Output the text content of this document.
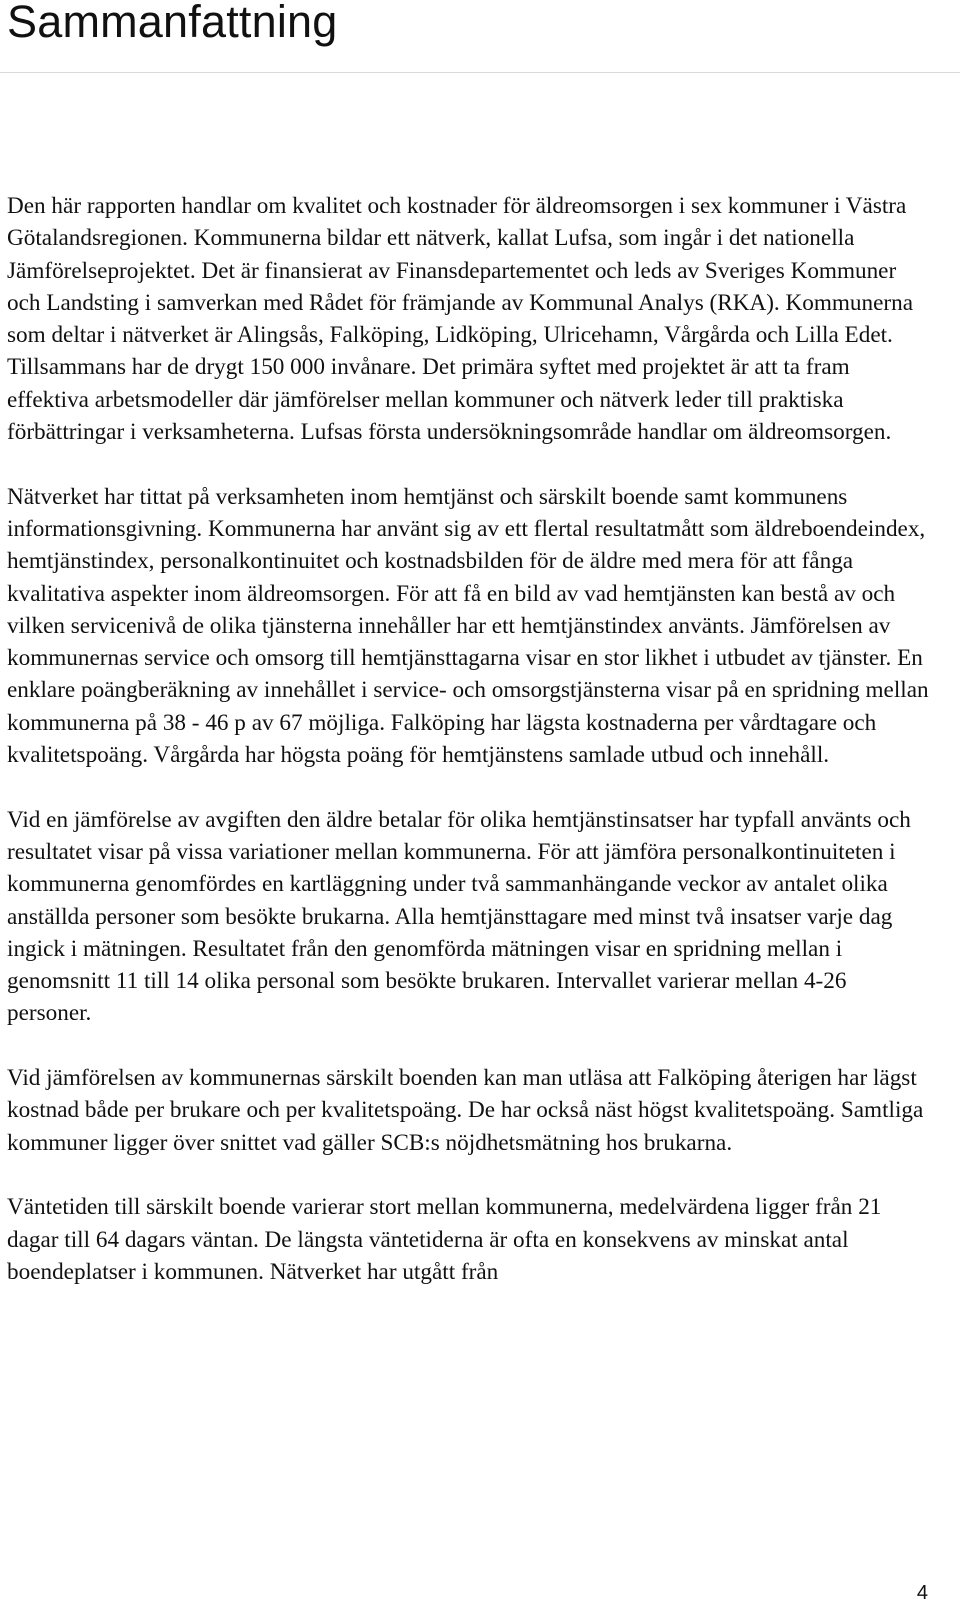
Sammanfattning

Den här rapporten handlar om kvalitet och kostnader för äldreomsorgen i sex kommuner i Västra Götalandsregionen. Kommunerna bildar ett nätverk, kallat Lufsa, som ingår i det nationella Jämförelseprojektet. Det är finansierat av Finansdepartementet och leds av Sveriges Kommuner och Landsting i samverkan med Rådet för främjande av Kommunal Analys (RKA). Kommunerna som deltar i nätverket är Alingsås, Falköping, Lidköping, Ulricehamn, Vårgårda och Lilla Edet. Tillsammans har de drygt 150 000 invånare. Det primära syftet med projektet är att ta fram effektiva arbetsmodeller där jämförelser mellan kommuner och nätverk leder till praktiska förbättringar i verksamheterna. Lufsas första undersökningsområde handlar om äldreomsorgen.

Nätverket har tittat på verksamheten inom hemtjänst och särskilt boende samt kommunens informationsgivning. Kommunerna har använt sig av ett flertal resultatmått som äldreboendeindex, hemtjänstindex, personalkontinuitet och kostnadsbilden för de äldre med mera för att fånga kvalitativa aspekter inom äldreomsorgen. För att få en bild av vad hemtjänsten kan bestå av och vilken servicenivå de olika tjänsterna innehåller har ett hemtjänstindex använts. Jämförelsen av kommunernas service och omsorg till hemtjänsttagarna visar en stor likhet i utbudet av tjänster. En enklare poängberäkning av innehållet i service- och omsorgstjänsterna visar på en spridning mellan kommunerna på 38 - 46 p av 67 möjliga. Falköping har lägsta kostnaderna per vårdtagare och kvalitetspoäng. Vårgårda har högsta poäng för hemtjänstens samlade utbud och innehåll.

Vid en jämförelse av avgiften den äldre betalar för olika hemtjänstinsatser har typfall använts och resultatet visar på vissa variationer mellan kommunerna. För att jämföra personalkontinuiteten i kommunerna genomfördes en kartläggning under två sammanhängande veckor av antalet olika anställda personer som besökte brukarna. Alla hemtjänsttagare med minst två insatser varje dag ingick i mätningen. Resultatet från den genomförda mätningen visar en spridning mellan i genomsnitt 11 till 14 olika personal som besökte brukaren. Intervallet varierar mellan 4-26 personer.

Vid jämförelsen av kommunernas särskilt boenden kan man utläsa att Falköping återigen har lägst kostnad både per brukare och per kvalitetspoäng. De har också näst högst kvalitetspoäng. Samtliga kommuner ligger över snittet vad gäller SCB:s nöjdhetsmätning hos brukarna.

Väntetiden till särskilt boende varierar stort mellan kommunerna, medelvärdena ligger från 21 dagar till 64 dagars väntan. De längsta väntetiderna är ofta en konsekvens av minskat antal boendeplatser i kommunen. Nätverket har utgått från

4
